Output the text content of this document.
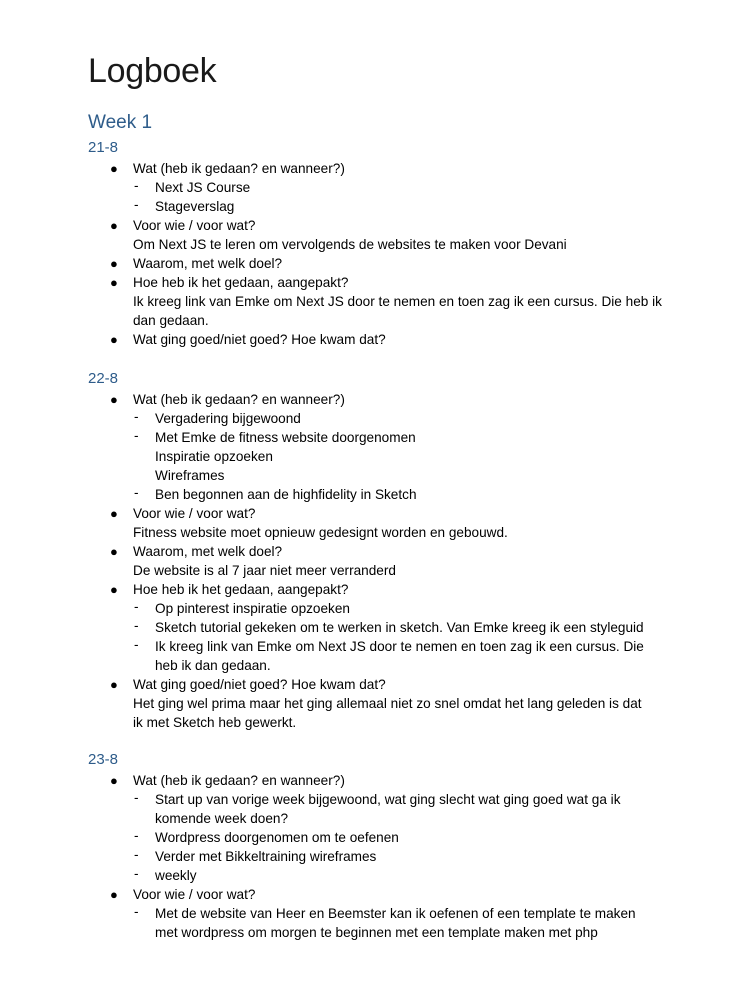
Logboek
Week 1
21-8
● Wat (heb ik gedaan? en wanneer?)
- Next JS Course
- Stageverslag
● Voor wie / voor wat?
Om Next JS te leren om vervolgends de websites te maken voor Devani
● Waarom, met welk doel?
● Hoe heb ik het gedaan, aangepakt?
Ik kreeg link van Emke om Next JS door te nemen en toen zag ik een cursus. Die heb ik
dan gedaan.
● Wat ging goed/niet goed? Hoe kwam dat?
22-8
● Wat (heb ik gedaan? en wanneer?)
- Vergadering bijgewoond
- Met Emke de fitness website doorgenomen
Inspiratie opzoeken
Wireframes
- Ben begonnen aan de highfidelity in Sketch
● Voor wie / voor wat?
Fitness website moet opnieuw gedesignt worden en gebouwd.
● Waarom, met welk doel?
De website is al 7 jaar niet meer verranderd
● Hoe heb ik het gedaan, aangepakt?
- Op pinterest inspiratie opzoeken
- Sketch tutorial gekeken om te werken in sketch. Van Emke kreeg ik een styleguid
- Ik kreeg link van Emke om Next JS door te nemen en toen zag ik een cursus. Die
heb ik dan gedaan.
● Wat ging goed/niet goed? Hoe kwam dat?
Het ging wel prima maar het ging allemaal niet zo snel omdat het lang geleden is dat
ik met Sketch heb gewerkt.
23-8
● Wat (heb ik gedaan? en wanneer?)
- Start up van vorige week bijgewoond, wat ging slecht wat ging goed wat ga ik
komende week doen?
- Wordpress doorgenomen om te oefenen
- Verder met Bikkeltraining wireframes
- weekly
● Voor wie / voor wat?
- Met de website van Heer en Beemster kan ik oefenen of een template te maken
met wordpress om morgen te beginnen met een template maken met php
